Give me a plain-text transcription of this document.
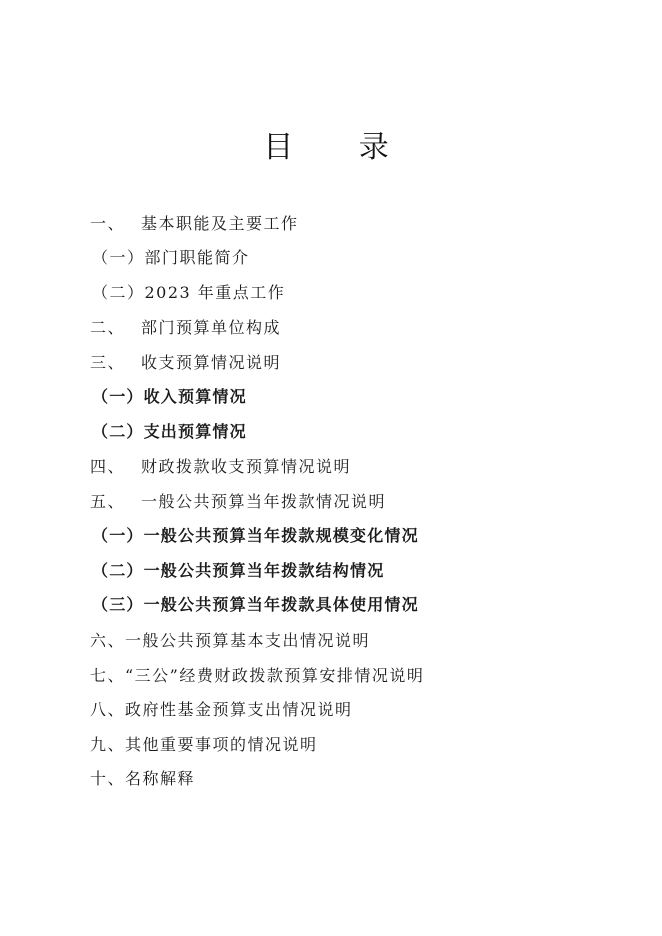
目 录
一、 基本职能及主要工作
（一）部门职能简介
（二）2023 年重点工作
二、 部门预算单位构成
三、 收支预算情况说明
（一）收入预算情况
（二）支出预算情况
四、 财政拨款收支预算情况说明
五、 一般公共预算当年拨款情况说明
（一）一般公共预算当年拨款规模变化情况
（二）一般公共预算当年拨款结构情况
（三）一般公共预算当年拨款具体使用情况
六、一般公共预算基本支出情况说明
七、“三公”经费财政拨款预算安排情况说明
八、政府性基金预算支出情况说明
九、其他重要事项的情况说明
十、名称解释
